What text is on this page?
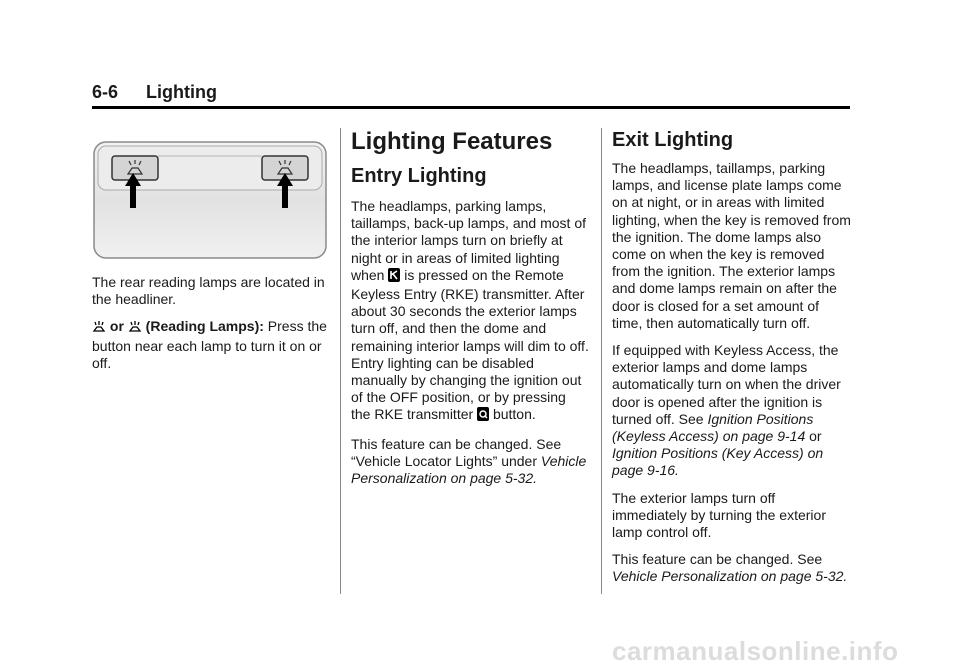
6-6 Lighting

The rear reading lamps are located in the headliner.

or (Reading Lamps): Press the button near each lamp to turn it on or off.

Lighting Features
Entry Lighting

The headlamps, parking lamps, taillamps, back-up lamps, and most of the interior lamps turn on briefly at night or in areas of limited lighting when is pressed on the Remote Keyless Entry (RKE) transmitter. After about 30 seconds the exterior lamps turn off, and then the dome and remaining interior lamps will dim to off. Entry lighting can be disabled manually by changing the ignition out of the OFF position, or by pressing the RKE transmitter button.

This feature can be changed. See “Vehicle Locator Lights” under Vehicle Personalization on page 5-32.

Exit Lighting

The headlamps, taillamps, parking lamps, and license plate lamps come on at night, or in areas with limited lighting, when the key is removed from the ignition. The dome lamps also come on when the key is removed from the ignition. The exterior lamps and dome lamps remain on after the door is closed for a set amount of time, then automatically turn off.

If equipped with Keyless Access, the exterior lamps and dome lamps automatically turn on when the driver door is opened after the ignition is turned off. See Ignition Positions (Keyless Access) on page 9-14 or Ignition Positions (Key Access) on page 9-16.

The exterior lamps turn off immediately by turning the exterior lamp control off.

This feature can be changed. See Vehicle Personalization on page 5-32.

carmanualsonline.info
